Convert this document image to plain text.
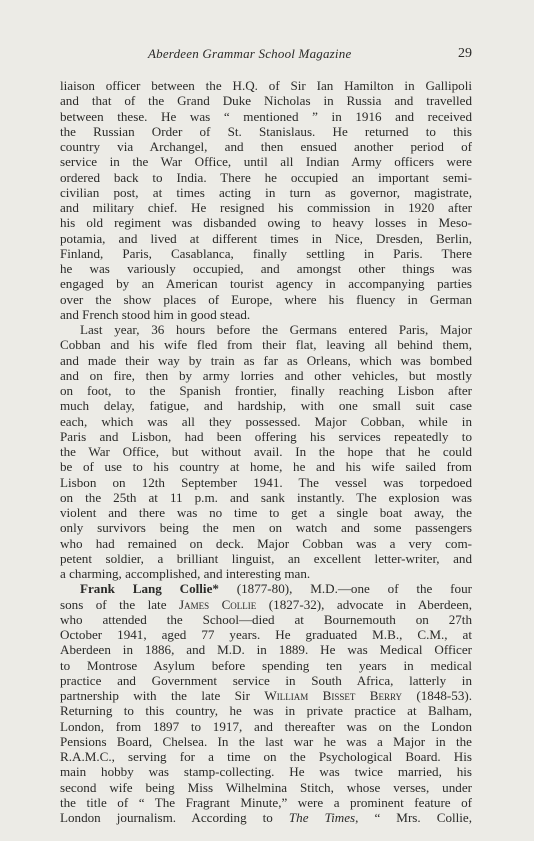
Aberdeen Grammar School Magazine	29
liaison officer between the H.Q. of Sir Ian Hamilton in Gallipoli
and that of the Grand Duke Nicholas in Russia and travelled
between these. He was “ mentioned ” in 1916 and received
the Russian Order of St. Stanislaus. He returned to this
country via Archangel, and then ensued another period of
service in the War Office, until all Indian Army officers were
ordered back to India. There he occupied an important semi-
civilian post, at times acting in turn as governor, magistrate,
and military chief. He resigned his commission in 1920 after
his old regiment was disbanded owing to heavy losses in Meso-
potamia, and lived at different times in Nice, Dresden, Berlin,
Finland, Paris, Casablanca, finally settling in Paris. There
he was variously occupied, and amongst other things was
engaged by an American tourist agency in accompanying parties
over the show places of Europe, where his fluency in German
and French stood him in good stead.
Last year, 36 hours before the Germans entered Paris, Major
Cobban and his wife fled from their flat, leaving all behind them,
and made their way by train as far as Orleans, which was bombed
and on fire, then by army lorries and other vehicles, but mostly
on foot, to the Spanish frontier, finally reaching Lisbon after
much delay, fatigue, and hardship, with one small suit case
each, which was all they possessed. Major Cobban, while in
Paris and Lisbon, had been offering his services repeatedly to
the War Office, but without avail. In the hope that he could
be of use to his country at home, he and his wife sailed from
Lisbon on 12th September 1941. The vessel was torpedoed
on the 25th at 11 p.m. and sank instantly. The explosion was
violent and there was no time to get a single boat away, the
only survivors being the men on watch and some passengers
who had remained on deck. Major Cobban was a very com-
petent soldier, a brilliant linguist, an excellent letter-writer, and
a charming, accomplished, and interesting man.
Frank Lang Collie* (1877-80), M.D.—one of the four
sons of the late James Collie (1827-32), advocate in Aberdeen,
who attended the School—died at Bournemouth on 27th
October 1941, aged 77 years. He graduated M.B., C.M., at
Aberdeen in 1886, and M.D. in 1889. He was Medical Officer
to Montrose Asylum before spending ten years in medical
practice and Government service in South Africa, latterly in
partnership with the late Sir William Bisset Berry (1848-53).
Returning to this country, he was in private practice at Balham,
London, from 1897 to 1917, and thereafter was on the London
Pensions Board, Chelsea. In the last war he was a Major in the
R.A.M.C., serving for a time on the Psychological Board. His
main hobby was stamp-collecting. He was twice married, his
second wife being Miss Wilhelmina Stitch, whose verses, under
the title of “ The Fragrant Minute,” were a prominent feature of
London journalism. According to The Times, “ Mrs. Collie,
